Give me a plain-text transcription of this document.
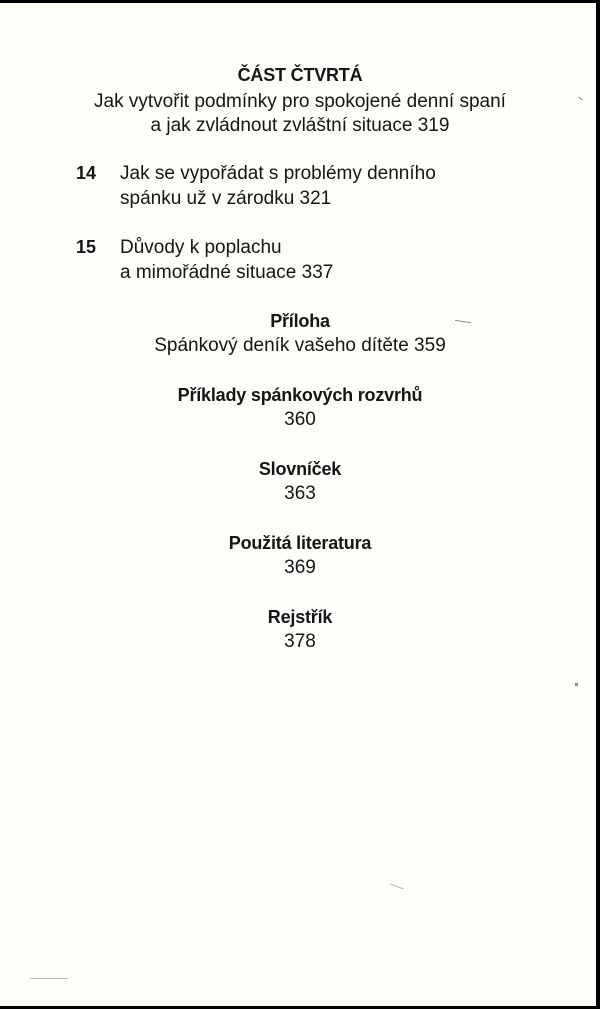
ČÁST ČTVRTÁ
Jak vytvořit podmínky pro spokojené denní spaní
a jak zvládnout zvláštní situace 319
14 Jak se vypořádat s problémy denního
spánku už v zárodku 321
15 Důvody k poplachu
a mimořádné situace 337
Příloha
Spánkový deník vašeho dítěte 359
Příklady spánkových rozvrhů
360
Slovníček
363
Použitá literatura
369
Rejstřík
378
